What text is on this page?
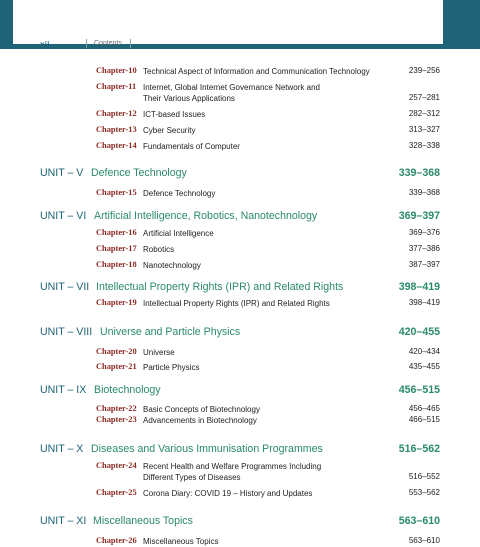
xii	Contents
Chapter-10 Technical Aspect of Information and Communication Technology	239–256
Chapter-11 Internet, Global Internet Governance Network and
Their Various Applications	257–281
Chapter-12 ICT-based Issues	282–312
Chapter-13 Cyber Security	313–327
Chapter-14 Fundamentals of Computer	328–338
UNIT – V Defence Technology	339–368
Chapter-15 Defence Technology	339–368
UNIT – VI Artificial Intelligence, Robotics, Nanotechnology	369–397
Chapter-16 Artificial Intelligence	369–376
Chapter-17 Robotics	377–386
Chapter-18 Nanotechnology	387–397
UNIT – VII Intellectual Property Rights (IPR) and Related Rights	398–419
Chapter-19 Intellectual Property Rights (IPR) and Related Rights	398–419
UNIT – VIII Universe and Particle Physics	420–455
Chapter-20 Universe	420–434
Chapter-21 Particle Physics	435–455
UNIT – IX Biotechnology	456–515
Chapter-22 Basic Concepts of Biotechnology	456–465
Chapter-23 Advancements in Biotechnology	466–515
UNIT – X Diseases and Various Immunisation Programmes	516–562
Chapter-24 Recent Health and Welfare Programmes Including
Different Types of Diseases	516–552
Chapter-25 Corona Diary: COVID 19 – History and Updates	553–562
UNIT – XI Miscellaneous Topics	563–610
Chapter-26 Miscellaneous Topics	563–610
